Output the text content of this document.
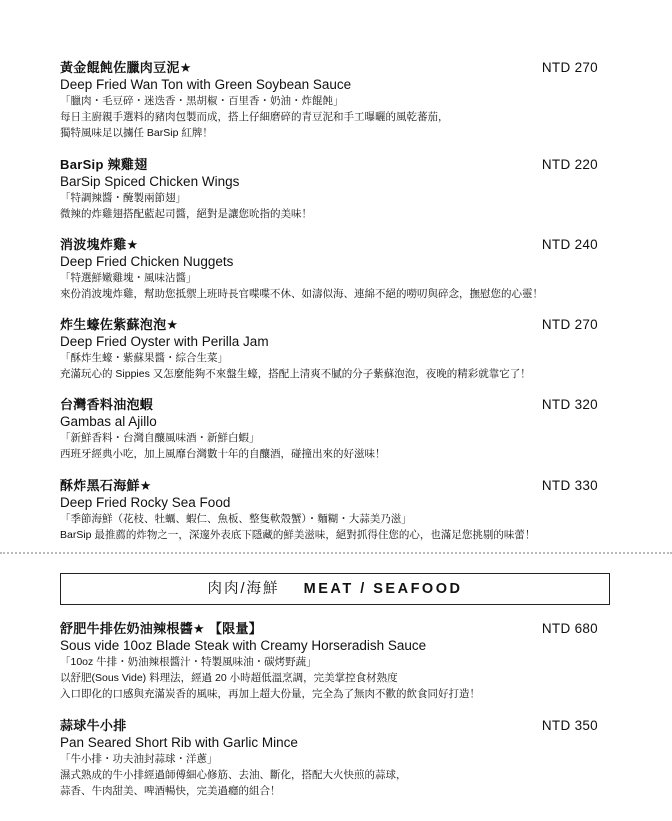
黃金餛飩佐臘肉豆泥★	NTD 270
Deep Fried Wan Ton with Green Soybean Sauce
「臘肉・毛豆碎・迷迭香・黑胡椒・百里香・奶油・炸餛飩」
每日主廚親手選料的豬肉包製而成，搭上仔細磨碎的青豆泥和手工曝曬的風乾蕃茄，
獨特風味足以擄任 BarSip 紅牌！
BarSip 辣雞翅	NTD 220
BarSip Spiced Chicken Wings
「特調辣醬・醃製兩節翅」
微辣的炸雞翅搭配藍起司醬，絕對是讓您吮指的美味！
消波塊炸雞★	NTD 240
Deep Fried Chicken Nuggets
「特選鮮嫩雞塊・風味沾醬」
來份消波塊炸雞，幫助您抵禦上班時長官喋喋不休、如濤似海、連綿不絕的嘮叨與碎念，撫慰您的心靈！
炸生蠔佐紫蘇泡泡★	NTD 270
Deep Fried Oyster with Perilla Jam
「酥炸生蠔・紫蘇果醬・綜合生菜」
充滿玩心的 Sippies 又怎麼能夠不來盤生蠔，搭配上清爽不膩的分子紫蘇泡泡，夜晚的精彩就靠它了！
台灣香料油泡蝦	NTD 320
Gambas al Ajillo
「新鮮香料・台灣自釀風味酒・新鮮白蝦」
西班牙經典小吃，加上風靡台灣數十年的自釀酒，碰撞出來的好滋味！
酥炸黑石海鮮★	NTD 330
Deep Fried Rocky Sea Food
「季節海鮮（花枝、牡蠣、蝦仁、魚板、整隻軟殼蟹）・麵糊・大蒜美乃滋」
BarSip 最推薦的炸物之一，深邃外表底下隱藏的鮮美滋味，絕對抓得住您的心，也滿足您挑剔的味蕾！
肉肉/海鮮 MEAT / SEAFOOD
舒肥牛排佐奶油辣根醬★ 【限量】	NTD 680
Sous vide 10oz Blade Steak with Creamy Horseradish Sauce
「10oz 牛排・奶油辣根醬汁・特製風味油・碳烤野蔬」
以舒肥(Sous Vide) 料理法，經過 20 小時超低溫烹調，完美掌控食材熟度
入口即化的口感與充滿炭香的風味，再加上超大份量，完全為了無肉不歡的飲食同好打造！
蒜球牛小排	NTD 350
Pan Seared Short Rib with Garlic Mince
「牛小排・功夫油封蒜球・洋蔥」
濕式熟成的牛小排經過師傅細心修筋、去油、斷化，搭配大火快煎的蒜球，
蒜香、牛肉甜美、啤酒暢快，完美過癮的組合！
